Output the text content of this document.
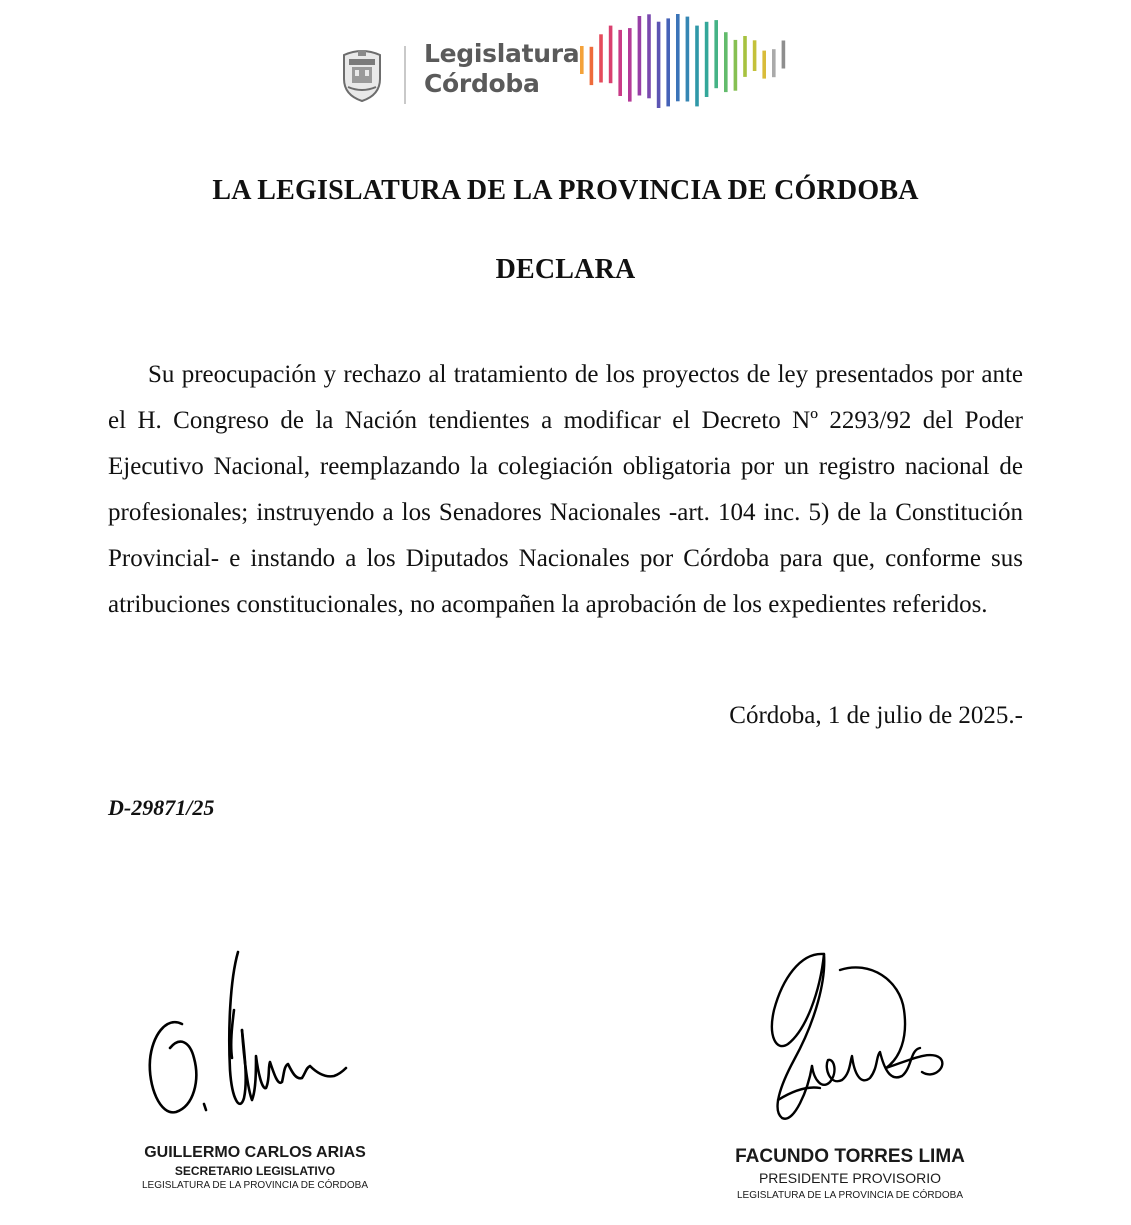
Legislatura
Córdoba
LA LEGISLATURA DE LA PROVINCIA DE CÓRDOBA
DECLARA

Su preocupación y rechazo al tratamiento de los proyectos de ley presentados por ante el H. Congreso de la Nación tendientes a modificar el Decreto Nº 2293/92 del Poder Ejecutivo Nacional, reemplazando la colegiación obligatoria por un registro nacional de profesionales; instruyendo a los Senadores Nacionales -art. 104 inc. 5) de la Constitución Provincial- e instando a los Diputados Nacionales por Córdoba para que, conforme sus atribuciones constitucionales, no acompañen la aprobación de los expedientes referidos.

Córdoba, 1 de julio de 2025.-
D-29871/25
GUILLERMO CARLOS ARIAS
SECRETARIO LEGISLATIVO
LEGISLATURA DE LA PROVINCIA DE CÓRDOBA
FACUNDO TORRES LIMA
PRESIDENTE PROVISORIO
LEGISLATURA DE LA PROVINCIA DE CÓRDOBA
